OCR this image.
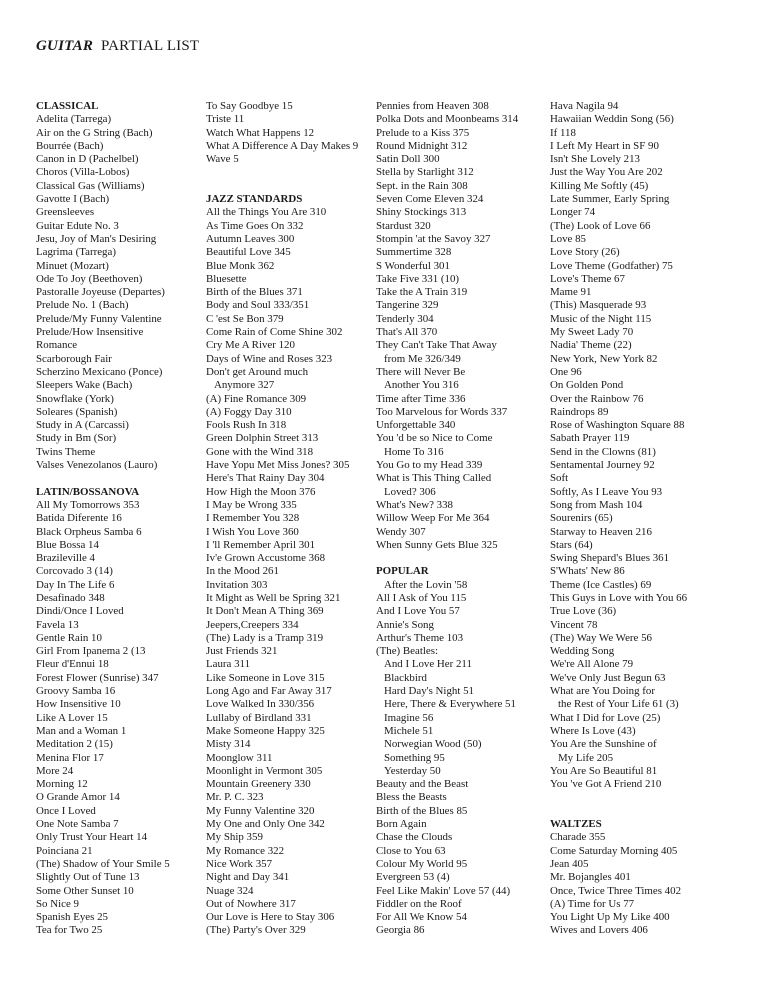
GUITAR PARTIAL LIST
CLASSICAL
Adelita (Tarrega)
Air on the G String (Bach)
Bourrée (Bach)
Canon in D (Pachelbel)
Choros (Villa-Lobos)
Classical Gas (Williams)
Gavotte I (Bach)
Greensleeves
Guitar Edute No. 3
Jesu, Joy of Man's Desiring
Lagrima (Tarrega)
Minuet (Mozart)
Ode To Joy (Beethoven)
Pastoralle Joyeuse (Departes)
Prelude No. 1 (Bach)
Prelude/My Funny Valentine
Prelude/How Insensitive
Romance
Scarborough Fair
Scherzino Mexicano (Ponce)
Sleepers Wake (Bach)
Snowflake (York)
Soleares (Spanish)
Study in A (Carcassi)
Study in Bm (Sor)
Twins Theme
Valses Venezolanos (Lauro)
LATIN/BOSSANOVA
All My Tomorrows 353
Batida Diferente 16
Black Orpheus Samba 6
Blue Bossa 14
Brazileville 4
Corcovado 3 (14)
Day In The Life 6
Desafinado 348
Dindi/Once I Loved
Favela 13
Gentle Rain 10
Girl From Ipanema 2 (13
Fleur d'Ennui 18
Forest Flower (Sunrise) 347
Groovy Samba 16
How Insensitive 10
Like A Lover 15
Man and a Woman 1
Meditation 2 (15)
Menina Flor 17
More 24
Morning 12
O Grande Amor 14
Once I Loved
One Note Samba 7
Only Trust Your Heart 14
Poinciana 21
(The) Shadow of Your Smile 5
Slightly Out of Tune 13
Some Other Sunset 10
So Nice 9
Spanish Eyes 25
Tea for Two 25
To Say Goodbye 15
Triste 11
Watch What Happens 12
What A Difference A Day Makes 9
Wave 5
JAZZ STANDARDS
All the Things You Are 310
As Time Goes On 332
Autumn Leaves 300
Beautiful Love 345
Blue Monk 362
Bluesette
Birth of the Blues 371
Body and Soul 333/351
C 'est Se Bon 379
Come Rain of Come Shine 302
Cry Me A River 120
Days of Wine and Roses 323
Don't get Around much
Anymore 327
(A) Fine Romance 309
(A) Foggy Day 310
Fools Rush In 318
Green Dolphin Street 313
Gone with the Wind 318
Have Yopu Met Miss Jones? 305
Here's That Rainy Day 304
How High the Moon 376
I May be Wrong 335
I Remember You 328
I Wish You Love 360
I 'll Remember April 301
Iv'e Grown Accustome 368
In the Mood 261
Invitation 303
It Might as Well be Spring 321
It Don't Mean A Thing 369
Jeepers,Creepers 334
(The) Lady is a Tramp 319
Just Friends 321
Laura 311
Like Someone in Love 315
Long Ago and Far Away 317
Love Walked In 330/356
Lullaby of Birdland 331
Make Someone Happy 325
Misty 314
Moonglow 311
Moonlight in Vermont 305
Mountain Greenery 330
Mr. P. C. 323
My Funny Valentine 320
My One and Only One 342
My Ship 359
My Romance 322
Nice Work 357
Night and Day 341
Nuage 324
Out of Nowhere 317
Our Love is Here to Stay 306
(The) Party's Over 329
Pennies from Heaven 308
Polka Dots and Moonbeams 314
Prelude to a Kiss 375
Round Midnight 312
Satin Doll 300
Stella by Starlight 312
Sept. in the Rain 308
Seven Come Eleven 324
Shiny Stockings 313
Stardust 320
Stompin 'at the Savoy 327
Summertime 328
S Wonderful 301
Take Five 331 (10)
Take the A Train 319
Tangerine 329
Tenderly 304
That's All 370
They Can't Take That Away
from Me 326/349
There will Never Be
Another You 316
Time after Time 336
Too Marvelous for Words 337
Unforgettable 340
You 'd be so Nice to Come
Home To 316
You Go to my Head 339
What is This Thing Called
Loved? 306
What's New? 338
Willow Weep For Me 364
Wendy 307
When Sunny Gets Blue 325
POPULAR
After the Lovin '58
All I Ask of You 115
And I Love You 57
Annie's Song
Arthur's Theme 103
(The) Beatles:
And I Love Her 211
Blackbird
Hard Day's Night 51
Here, There & Everywhere 51
Imagine 56
Michele 51
Norwegian Wood (50)
Something 95
Yesterday 50
Beauty and the Beast
Bless the Beasts
Birth of the Blues 85
Born Again
Chase the Clouds
Close to You 63
Colour My World 95
Evergreen 53 (4)
Feel Like Makin' Love 57 (44)
Fiddler on the Roof
For All We Know 54
Georgia 86
Hava Nagila 94
Hawaiian Weddin Song (56)
If 118
I Left My Heart in SF 90
Isn't She Lovely 213
Just the Way You Are 202
Killing Me Softly (45)
Late Summer, Early Spring
Longer 74
(The) Look of Love 66
Love 85
Love Story (26)
Love Theme (Godfather) 75
Love's Theme 67
Mame 91
(This) Masquerade 93
Music of the Night 115
My Sweet Lady 70
Nadia' Theme (22)
New York, New York 82
One 96
On Golden Pond
Over the Rainbow 76
Raindrops 89
Rose of Washington Square 88
Sabath Prayer 119
Send in the Clowns (81)
Sentamental Journey 92
Soft
Softly, As I Leave You 93
Song from Mash 104
Sourenirs (65)
Starway to Heaven 216
Stars (64)
Swing Shepard's Blues 361
S'Whats' New 86
Theme (Ice Castles) 69
This Guys in Love with You 66
True Love (36)
Vincent 78
(The) Way We Were 56
Wedding Song
We're All Alone 79
We've Only Just Begun 63
What are You Doing for
the Rest of Your Life 61 (3)
What I Did for Love (25)
Where Is Love (43)
You Are the Sunshine of
My Life 205
You Are So Beautiful 81
You 've Got A Friend 210
WALTZES
Charade 355
Come Saturday Morning 405
Jean 405
Mr. Bojangles 401
Once, Twice Three Times 402
(A) Time for Us 77
You Light Up My Like 400
Wives and Lovers 406
